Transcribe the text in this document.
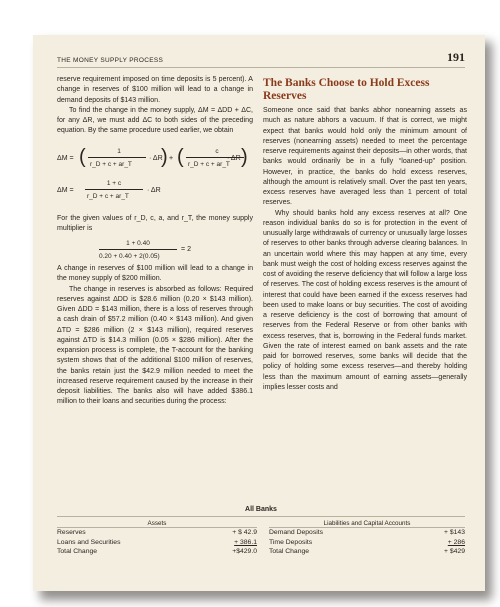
THE MONEY SUPPLY PROCESS	191

reserve requirement imposed on time deposits is 5 percent). A change in reserves of $100 million will lead to a change in demand deposits of $143 million.

To find the change in the money supply, ΔM = ΔDD + ΔC, for any ΔR, we must add ΔC to both sides of the preceding equation. By the same procedure used earlier, we obtain

ΔM = (	1
r_D + c + ar_T
· ΔR
) + (	c
r_D + c + ar_T
· ΔR )
ΔM =
1 + c
r_D + c + ar_T
· ΔR

For the given values of r_D, c, a, and r_T, the money supply multiplier is

1 + 0.40
0.20 + 0.40 + 2(0.05)
= 2

A change in reserves of $100 million will lead to a change in the money supply of $200 million.

The change in reserves is absorbed as follows: Required reserves against ΔDD is $28.6 million (0.20 × $143 million). Given ΔDD = $143 million, there is a loss of reserves through a cash drain of $57.2 million (0.40 × $143 million). And given ΔTD = $286 million (2 × $143 million), required reserves against ΔTD is $14.3 million (0.05 × $286 million). After the expansion process is complete, the T-account for the banking system shows that of the additional $100 million of reserves, the banks retain just the $42.9 million needed to meet the increased reserve requirement caused by the increase in their deposit liabilities. The banks also will have added $386.1 million to their loans and securities during the process:

The Banks Choose to Hold Excess Reserves

Someone once said that banks abhor nonearning assets as much as nature abhors a vacuum. If that is correct, we might expect that banks would hold only the minimum amount of reserves (nonearning assets) needed to meet the percentage reserve requirements against their deposits—in other words, that banks would ordinarily be in a fully “loaned-up” position. However, in practice, the banks do hold excess reserves, although the amount is relatively small. Over the past ten years, excess reserves have averaged less than 1 percent of total reserves.

Why should banks hold any excess reserves at all? One reason individual banks do so is for protection in the event of unusually large withdrawals of currency or unusually large losses of reserves to other banks through adverse clearing balances. In an uncertain world where this may happen at any time, every bank must weigh the cost of holding excess reserves against the cost of avoiding the reserve deficiency that will follow a large loss of reserves. The cost of holding excess reserves is the amount of interest that could have been earned if the excess reserves had been used to make loans or buy securities. The cost of avoiding a reserve deficiency is the cost of borrowing that amount of reserves from the Federal Reserve or from other banks with excess reserves, that is, borrowing in the Federal funds market. Given the rate of interest earned on bank assets and the rate paid for borrowed reserves, some banks will decide that the policy of holding some excess reserves—and thereby holding less than the maximum amount of earning assets—generally implies lesser costs and

All Banks
Assets
Reserves	+ $ 42.9
Loans and Securities	+ 386.1
Total Change	+$429.0
Liabilities and Capital Accounts
Demand Deposits	+ $143
Time Deposits	+ 286
Total Change	+ $429
